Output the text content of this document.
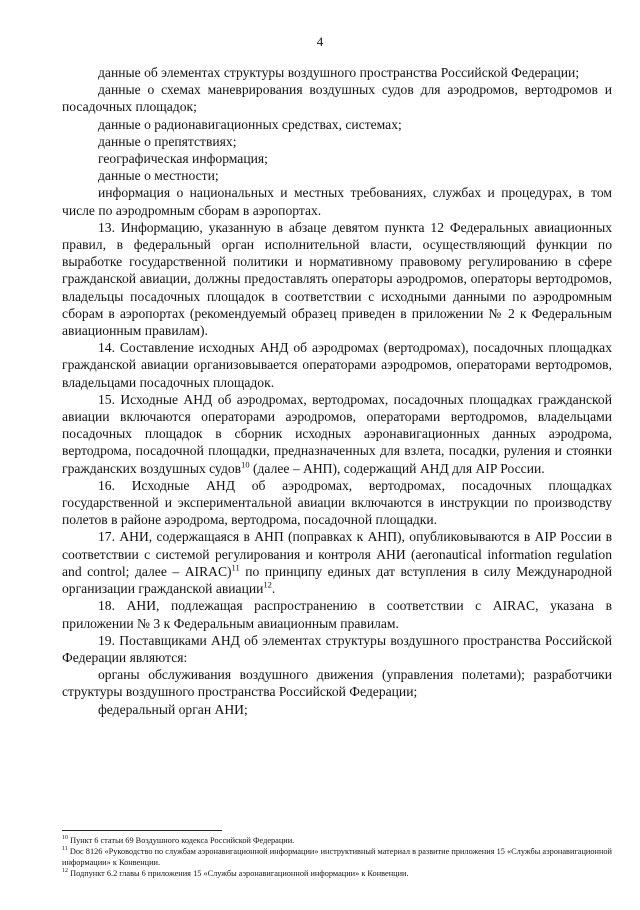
4

данные об элементах структуры воздушного пространства Российской Федерации;

данные о схемах маневрирования воздушных судов для аэродромов, вертодромов и посадочных площадок;

данные о радионавигационных средствах, системах;

данные о препятствиях;

географическая информация;

данные о местности;

информация о национальных и местных требованиях, службах и процедурах, в том числе по аэродромным сборам в аэропортах.

13. Информацию, указанную в абзаце девятом пункта 12 Федеральных авиационных правил, в федеральный орган исполнительной власти, осуществляющий функции по выработке государственной политики и нормативному правовому регулированию в сфере гражданской авиации, должны предоставлять операторы аэродромов, операторы вертодромов, владельцы посадочных площадок в соответствии с исходными данными по аэродромным сборам в аэропортах (рекомендуемый образец приведен в приложении № 2 к Федеральным авиационным правилам).

14. Составление исходных АНД об аэродромах (вертодромах), посадочных площадках гражданской авиации организовывается операторами аэродромов, операторами вертодромов, владельцами посадочных площадок.

15. Исходные АНД об аэродромах, вертодромах, посадочных площадках гражданской авиации включаются операторами аэродромов, операторами вертодромов, владельцами посадочных площадок в сборник исходных аэронавигационных данных аэродрома, вертодрома, посадочной площадки, предназначенных для взлета, посадки, руления и стоянки гражданских воздушных судов$^{10}$ (далее – АНП), содержащий АНД для AIP России.

16. Исходные АНД об аэродромах, вертодромах, посадочных площадках государственной и экспериментальной авиации включаются в инструкции по производству полетов в районе аэродрома, вертодрома, посадочной площадки.

17. АНИ, содержащаяся в АНП (поправках к АНП), опубликовываются в AIP России в соответствии с системой регулирования и контроля АНИ (aeronautical information regulation and control; далее – AIRAC)$^{11}$ по принципу единых дат вступления в силу Международной организации гражданской авиации$^{12}$.

18. АНИ, подлежащая распространению в соответствии с AIRAC, указана в приложении № 3 к Федеральным авиационным правилам.

19. Поставщиками АНД об элементах структуры воздушного пространства Российской Федерации являются:

органы обслуживания воздушного движения (управления полетами); разработчики структуры воздушного пространства Российской Федерации;

федеральный орган АНИ;

$^{10}$ Пункт 6 статьи 69 Воздушного кодекса Российской Федерации.

$^{11}$ Doc 8126 «Руководство по службам аэронавигационной информации» инструктивный материал в развитие приложения 15 «Службы аэронавигационной информации» к Конвенции.

$^{12}$ Подпункт 6.2 главы 6 приложения 15 «Службы аэронавигационной информации» к Конвенции.
